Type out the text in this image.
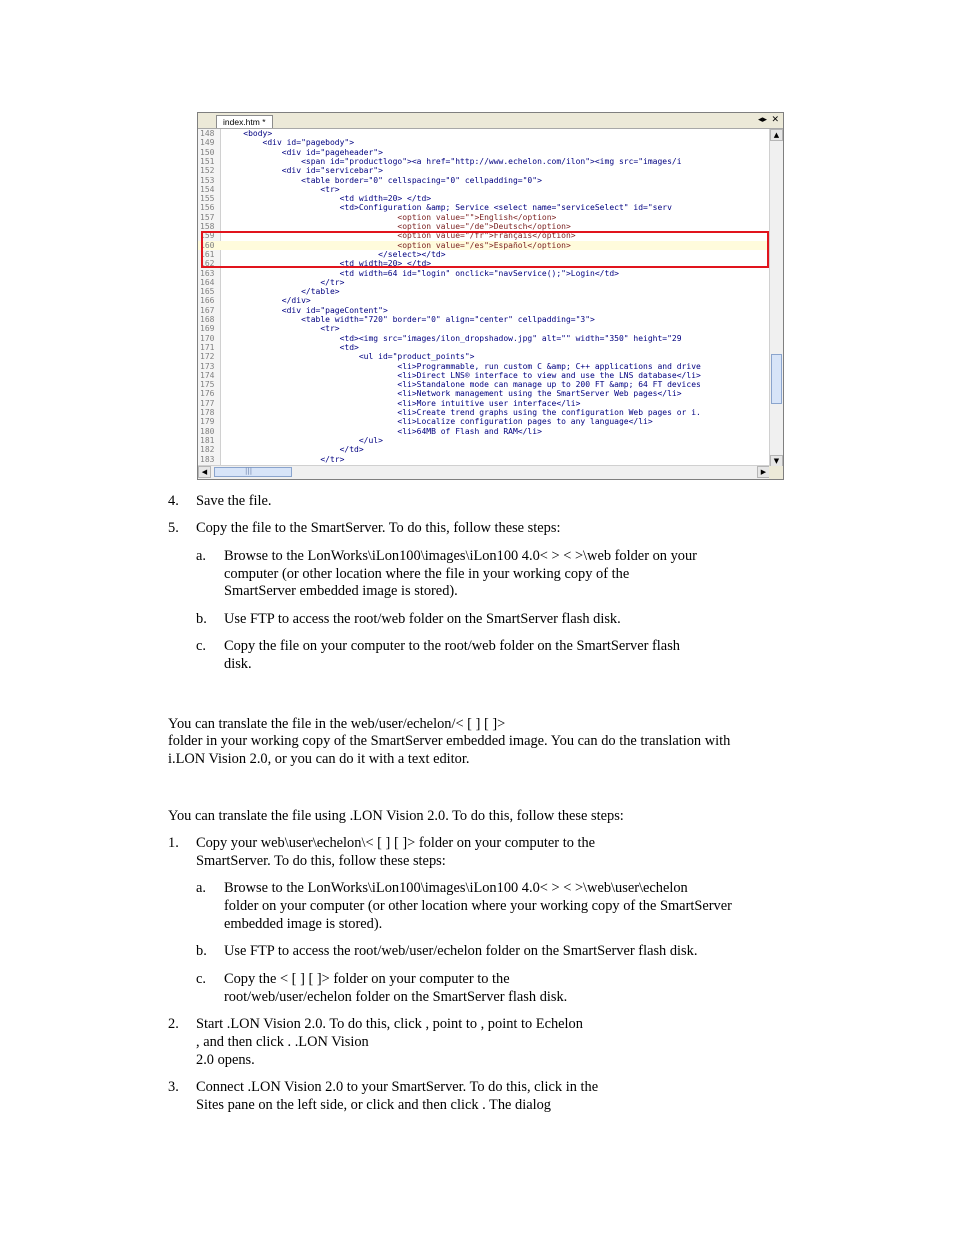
index.htm *	◂▸ ✕
148	<body>
149	<div id="pagebody">
150	<div id="pageheader">
151	<span id="productlogo"><a href="http://www.echelon.com/ilon"><img src="images/i
152	<div id="servicebar">
153	<table border="0" cellspacing="0" cellpadding="0">
154	<tr>
155	<td width=20> </td>
156	<td>Configuration &amp; Service <select name="serviceSelect" id="serv
157	<option value="">English</option>
158	<option value="/de">Deutsch</option>
159	<option value="/fr">Français</option>
160	<option value="/es">Español</option>
161	</select></td>
162	<td width=20> </td>
163	<td width=64 id="login" onclick="navService();">Login</td>
164	</tr>
165	</table>
166	</div>
167	<div id="pageContent">
168	<table width="720" border="0" align="center" cellpadding="3">
169	<tr>
170	<td><img src="images/ilon_dropshadow.jpg" alt="" width="350" height="29
171	<td>
172	<ul id="product_points">
173	<li>Programmable, run custom C &amp; C++ applications and drive
174	<li>Direct LNS® interface to view and use the LNS database</li>
175	<li>Standalone mode can manage up to 200 FT &amp; 64 FT devices
176	<li>Network management using the SmartServer Web pages</li>
177	<li>More intuitive user interface</li>
178	<li>Create trend graphs using the configuration Web pages or i.
179	<li>Localize configuration pages to any language</li>
180	<li>64MB of Flash and RAM</li>
181	</ul>
182	</td>
183	</tr>
▲
▼
◀	|||	▶
4. Save the file.
5. Copy the file to the SmartServer. To do this, follow these steps:
a. Browse to the LonWorks\iLon100\images\iLon100 4.0< > < >\web folder on your
computer (or other location where the file in your working copy of the
SmartServer embedded image is stored).
b. Use FTP to access the root/web folder on the SmartServer flash disk.
c. Copy the file on your computer to the root/web folder on the SmartServer flash
disk.
You can translate the file in the web/user/echelon/< [ ] [ ]>
folder in your working copy of the SmartServer embedded image. You can do the translation with
i.LON Vision 2.0, or you can do it with a text editor.
You can translate the file using .LON Vision 2.0. To do this, follow these steps:
1. Copy your web\user\echelon\< [ ] [ ]> folder on your computer to the
SmartServer. To do this, follow these steps:
a. Browse to the LonWorks\iLon100\images\iLon100 4.0< > < >\web\user\echelon
folder on your computer (or other location where your working copy of the SmartServer
embedded image is stored).
b. Use FTP to access the root/web/user/echelon folder on the SmartServer flash disk.
c. Copy the < [ ] [ ]> folder on your computer to the
root/web/user/echelon folder on the SmartServer flash disk.
2. Start .LON Vision 2.0. To do this, click , point to , point to Echelon
, and then click . .LON Vision
2.0 opens.
3. Connect .LON Vision 2.0 to your SmartServer. To do this, click in the
Sites pane on the left side, or click and then click . The dialog
